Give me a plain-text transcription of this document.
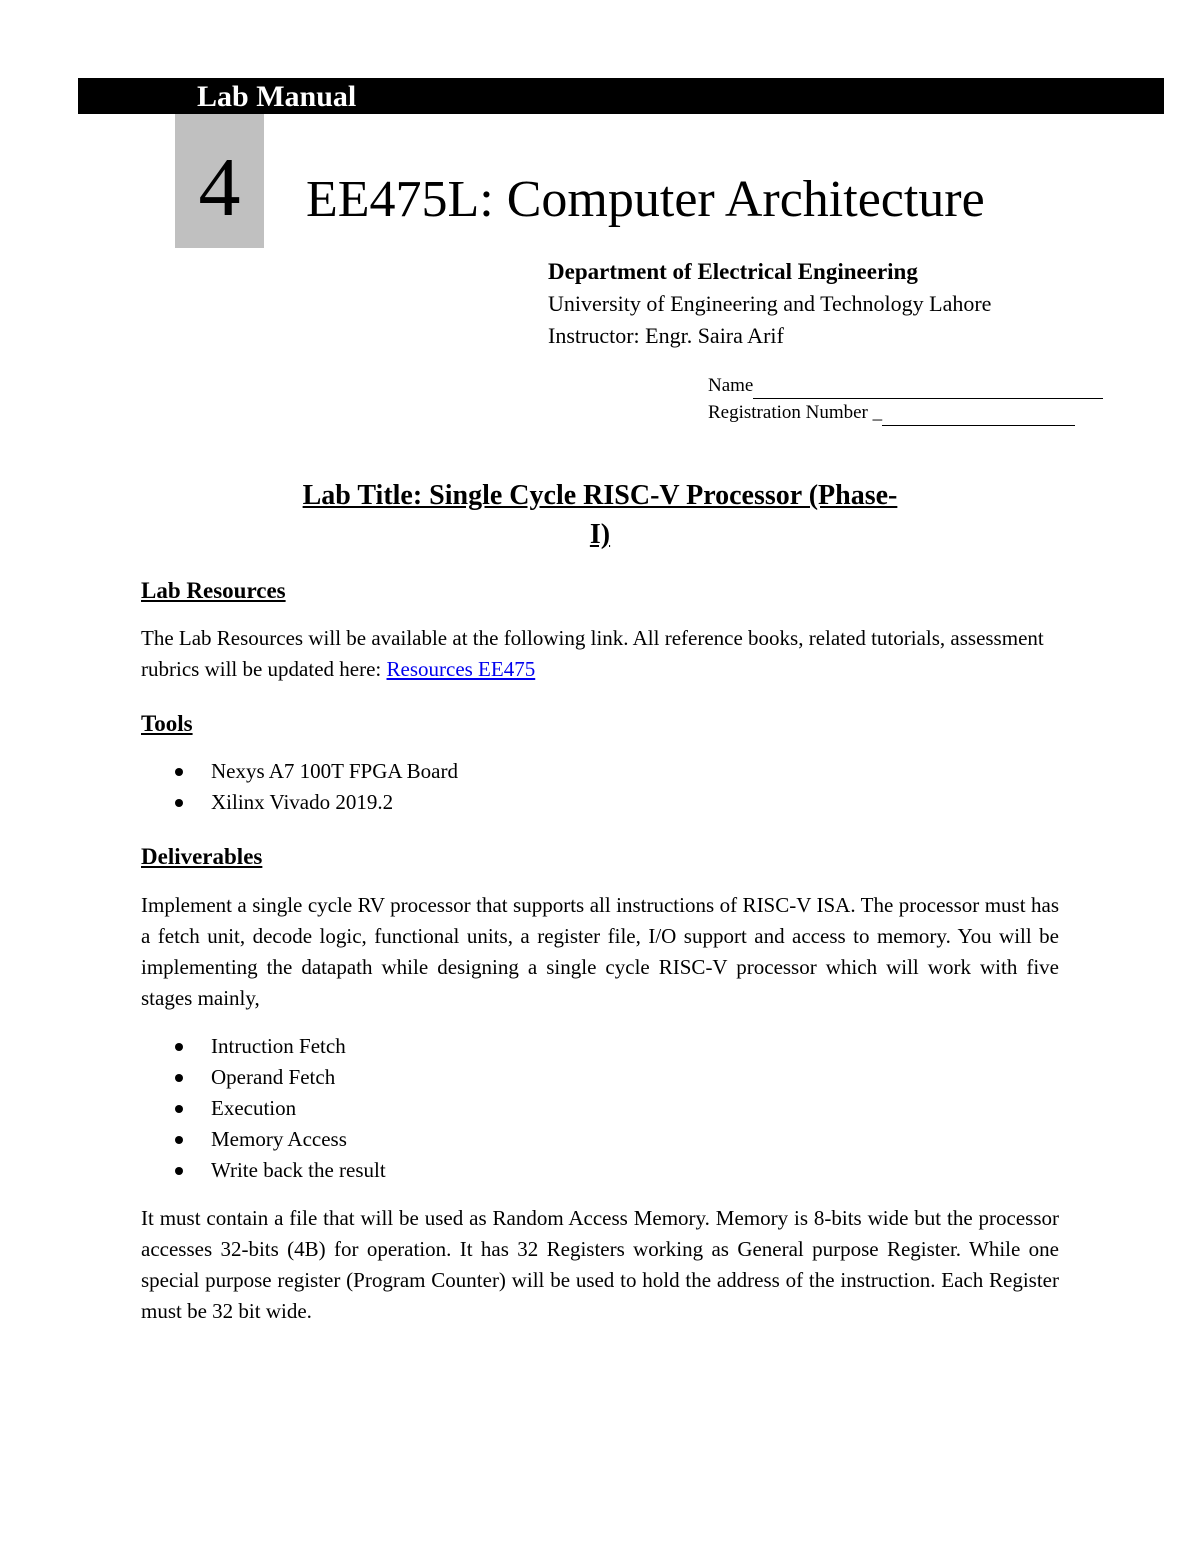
Lab Manual
4	EE475L: Computer Architecture
Department of Electrical Engineering
University of Engineering and Technology Lahore
Instructor: Engr. Saira Arif
Name
Registration Number _
Lab Title: Single Cycle RISC-V Processor (Phase-
I)
Lab Resources

The Lab Resources will be available at the following link. All reference books, related tutorials, assessment rubrics will be updated here: Resources EE475

Tools
Nexys A7 100T FPGA Board
Xilinx Vivado 2019.2
Deliverables

Implement a single cycle RV processor that supports all instructions of RISC-V ISA. The processor must has a fetch unit, decode logic, functional units, a register file, I/O support and access to memory. You will be implementing the datapath while designing a single cycle RISC-V processor which will work with five stages mainly,

Intruction Fetch
Operand Fetch
Execution
Memory Access
Write back the result

It must contain a file that will be used as Random Access Memory. Memory is 8-bits wide but the processor accesses 32-bits (4B) for operation. It has 32 Registers working as General purpose Register. While one special purpose register (Program Counter) will be used to hold the address of the instruction. Each Register must be 32 bit wide.
